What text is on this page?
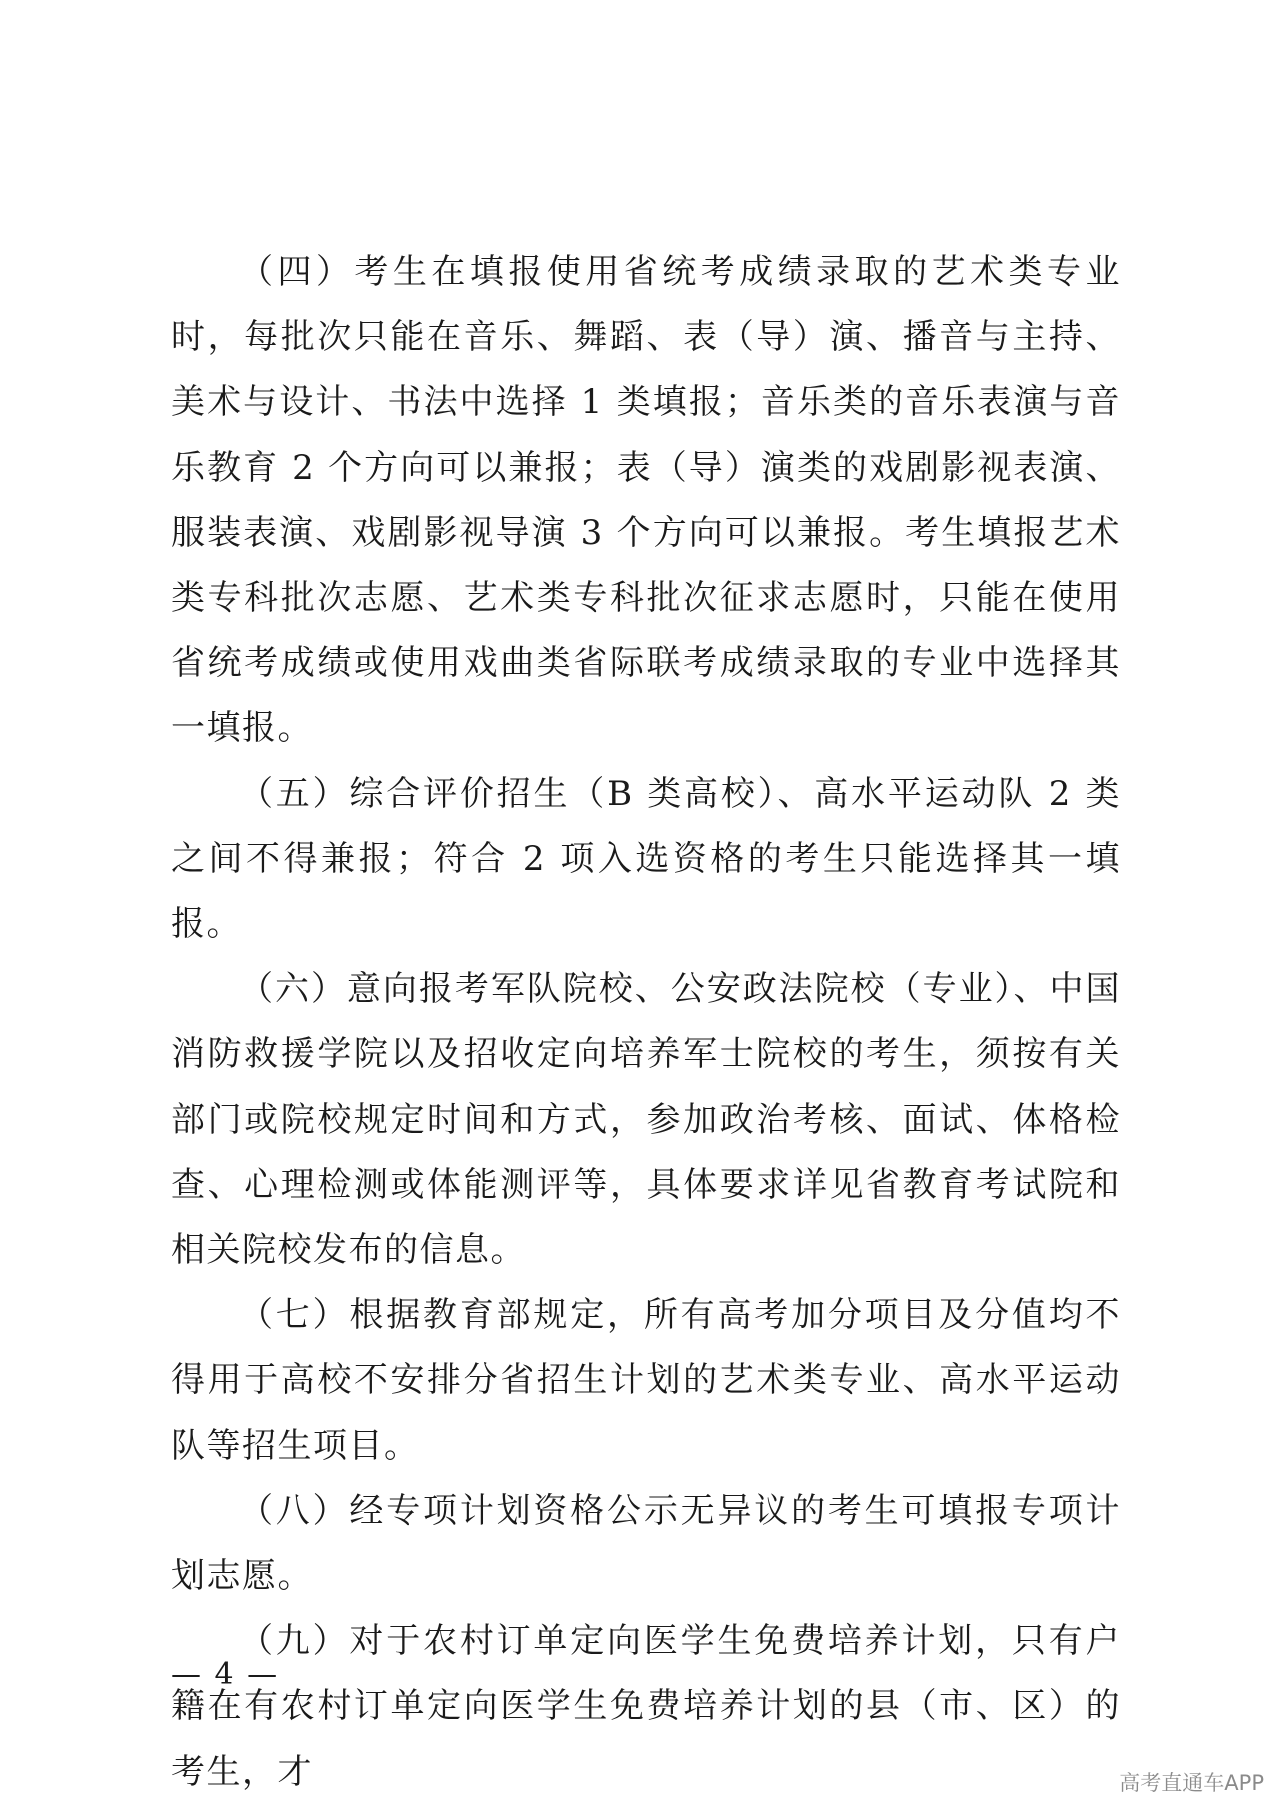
（四）考生在填报使用省统考成绩录取的艺术类专业时，每批次只能在音乐、舞蹈、表（导）演、播音与主持、美术与设计、书法中选择 1 类填报；音乐类的音乐表演与音乐教育 2 个方向可以兼报；表（导）演类的戏剧影视表演、服装表演、戏剧影视导演 3 个方向可以兼报。考生填报艺术类专科批次志愿、艺术类专科批次征求志愿时，只能在使用省统考成绩或使用戏曲类省际联考成绩录取的专业中选择其一填报。

（五）综合评价招生（B 类高校）、高水平运动队 2 类之间不得兼报；符合 2 项入选资格的考生只能选择其一填报。

（六）意向报考军队院校、公安政法院校（专业）、中国消防救援学院以及招收定向培养军士院校的考生，须按有关部门或院校规定时间和方式，参加政治考核、面试、体格检查、心理检测或体能测评等，具体要求详见省教育考试院和相关院校发布的信息。

（七）根据教育部规定，所有高考加分项目及分值均不得用于高校不安排分省招生计划的艺术类专业、高水平运动队等招生项目。

（八）经专项计划资格公示无异议的考生可填报专项计划志愿。

（九）对于农村订单定向医学生免费培养计划，只有户籍在有农村订单定向医学生免费培养计划的县（市、区）的考生，才

— 4 —
高考直通车APP
